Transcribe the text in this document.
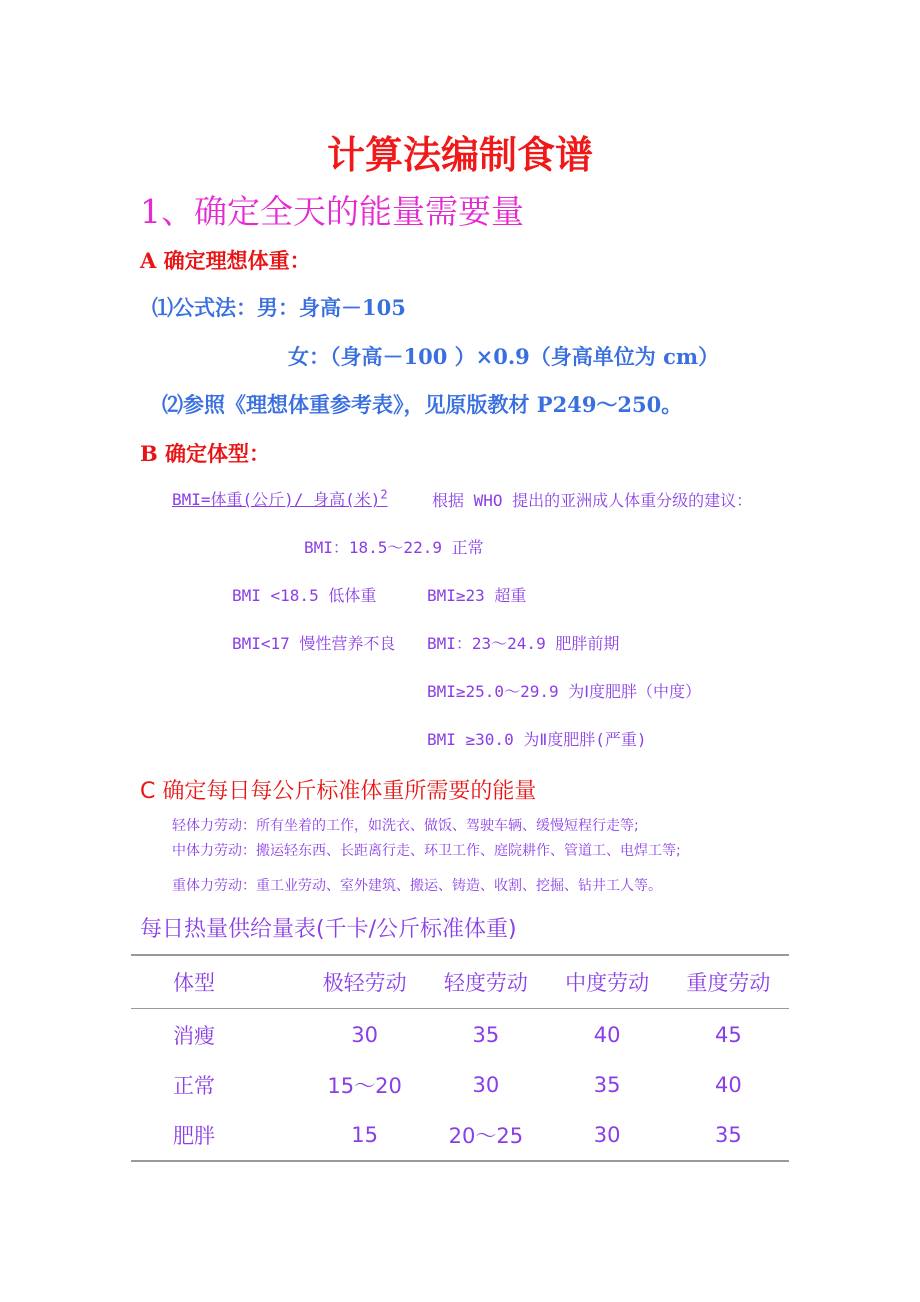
计算法编制食谱
1、确定全天的能量需要量
A 确定理想体重：
⑴公式法：男：身高－105
女：（身高－100 ）×0.9（身高单位为 cm）
⑵参照《理想体重参考表》，见原版教材 P249～250。
B 确定体型：
BMI=体重(公斤)/ 身高(米)$^2$	根据 WHO 提出的亚洲成人体重分级的建议：
BMI：18.5～22.9 正常
BMI <18.5 低体重	BMI≥23 超重
BMI<17 慢性营养不良 BMI：23～24.9 肥胖前期
BMI≥25.0～29.9 为Ⅰ度肥胖（中度）
BMI ≥30.0 为Ⅱ度肥胖(严重)
C 确定每日每公斤标准体重所需要的能量
轻体力劳动：所有坐着的工作，如洗衣、做饭、驾驶车辆、缓慢短程行走等;
中体力劳动：搬运轻东西、长距离行走、环卫工作、庭院耕作、管道工、电焊工等;
重体力劳动：重工业劳动、室外建筑、搬运、铸造、收割、挖掘、钻井工人等。
每日热量供给量表(千卡/公斤标准体重)
体型	极轻劳动	轻度劳动	中度劳动	重度劳动
消瘦	30	35	40	45
正常	15～20	30	35	40
肥胖	15	20～25	30	35
